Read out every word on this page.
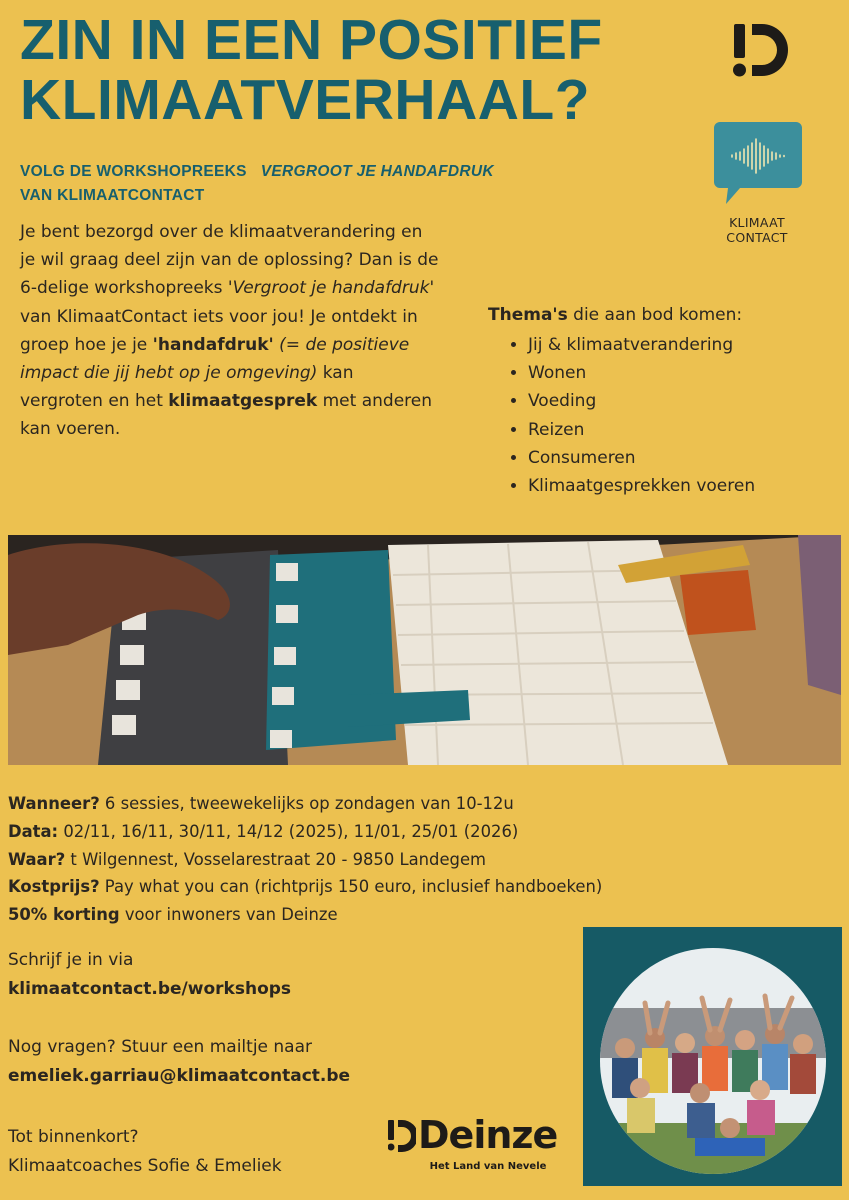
ZIN IN EEN POSITIEF
KLIMAATVERHAAL?
KLIMAAT
CONTACT
VOLG DE WORKSHOPREEKS VERGROOT JE HANDAFDRUK
VAN KLIMAATCONTACT
Je bent bezorgd over de klimaatverandering en je wil graag deel zijn van de oplossing? Dan is de 6-delige workshopreeks 'Vergroot je handafdruk' van KlimaatContact iets voor jou! Je ontdekt in groep hoe je je 'handafdruk' (= de positieve impact die jij hebt op je omgeving) kan vergroten en het klimaatgesprek met anderen kan voeren.
Thema's die aan bod komen:
• Jij & klimaatverandering
• Wonen
• Voeding
• Reizen
• Consumeren
• Klimaatgesprekken voeren
Wanneer? 6 sessies, tweewekelijks op zondagen van 10-12u
Data: 02/11, 16/11, 30/11, 14/12 (2025), 11/01, 25/01 (2026)
Waar? t Wilgennest, Vosselarestraat 20 - 9850 Landegem
Kostprijs? Pay what you can (richtprijs 150 euro, inclusief handboeken)
50% korting voor inwoners van Deinze
Schrijf je in via
klimaatcontact.be/workshops
Nog vragen? Stuur een mailtje naar
emeliek.garriau@klimaatcontact.be
Tot binnenkort?
Klimaatcoaches Sofie & Emeliek
Deinze
Het Land van Nevele
